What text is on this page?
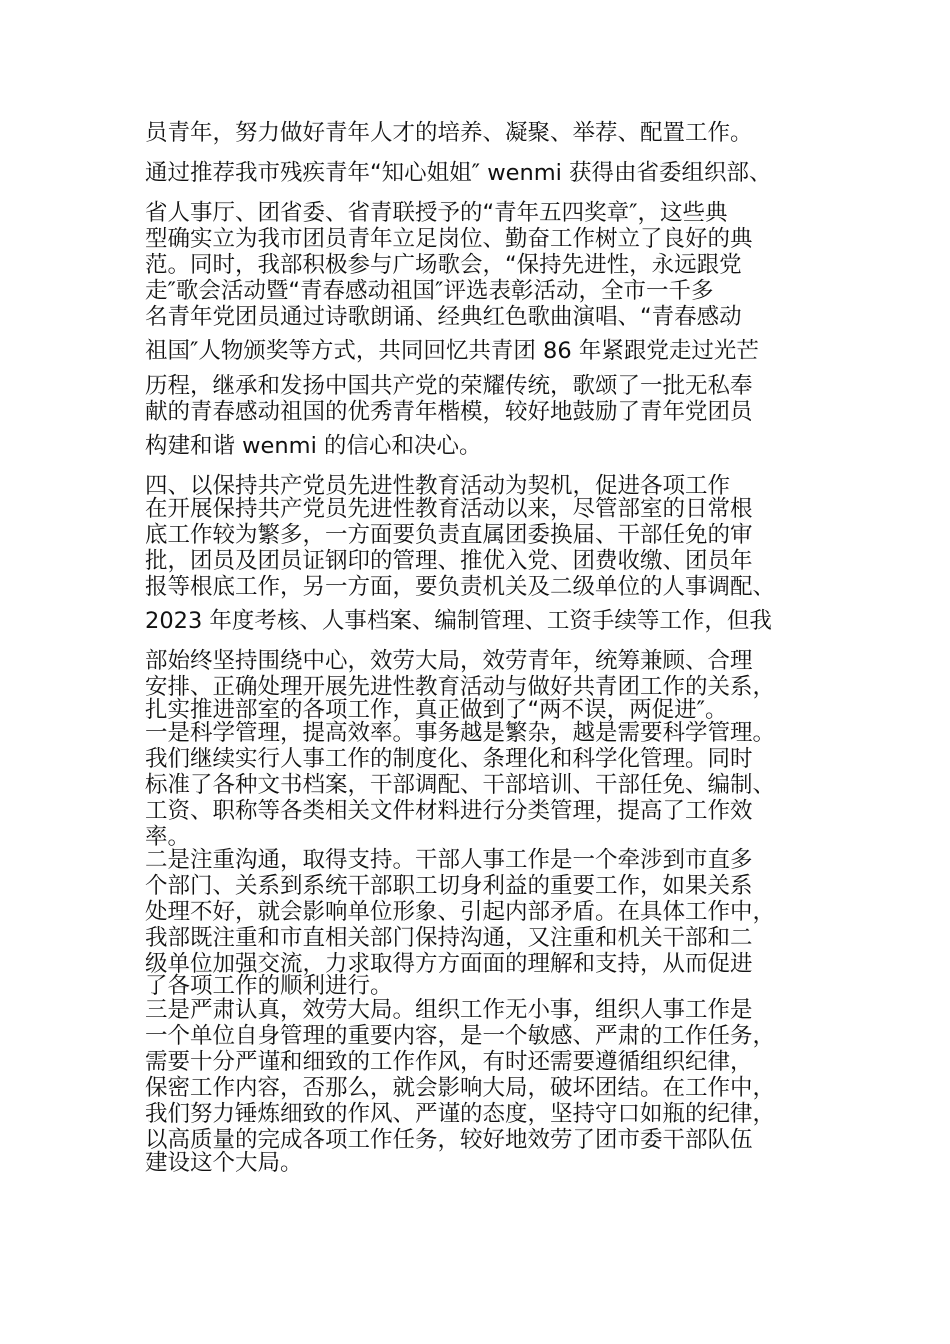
员青年，努力做好青年人才的培养、凝聚、举荐、配置工作。
通过推荐我市残疾青年“知心姐姐″ wenmi 获得由省委组织部、
省人事厅、团省委、省青联授予的“青年五四奖章″，这些典
型确实立为我市团员青年立足岗位、勤奋工作树立了良好的典
范。同时，我部积极参与广场歌会，“保持先进性，永远跟党
走″歌会活动暨“青春感动祖国″评选表彰活动，全市一千多
名青年党团员通过诗歌朗诵、经典红色歌曲演唱、“青春感动
祖国″人物颁奖等方式，共同回忆共青团 86 年紧跟党走过光芒
历程，继承和发扬中国共产党的荣耀传统，歌颂了一批无私奉
献的青春感动祖国的优秀青年楷模，较好地鼓励了青年党团员
构建和谐 wenmi 的信心和决心。
四、以保持共产党员先进性教育活动为契机，促进各项工作
在开展保持共产党员先进性教育活动以来，尽管部室的日常根
底工作较为繁多，一方面要负责直属团委换届、干部任免的审
批，团员及团员证钢印的管理、推优入党、团费收缴、团员年
报等根底工作，另一方面，要负责机关及二级单位的人事调配、
2023 年度考核、人事档案、编制管理、工资手续等工作，但我
部始终坚持围绕中心，效劳大局，效劳青年，统筹兼顾、合理
安排、正确处理开展先进性教育活动与做好共青团工作的关系，
扎实推进部室的各项工作，真正做到了“两不误，两促进″。
一是科学管理，提高效率。事务越是繁杂，越是需要科学管理。
我们继续实行人事工作的制度化、条理化和科学化管理。同时
标准了各种文书档案，干部调配、干部培训、干部任免、编制、
工资、职称等各类相关文件材料进行分类管理，提高了工作效
率。
二是注重沟通，取得支持。干部人事工作是一个牵涉到市直多
个部门、关系到系统干部职工切身利益的重要工作，如果关系
处理不好，就会影响单位形象、引起内部矛盾。在具体工作中，
我部既注重和市直相关部门保持沟通，又注重和机关干部和二
级单位加强交流，力求取得方方面面的理解和支持，从而促进
了各项工作的顺利进行。
三是严肃认真，效劳大局。组织工作无小事，组织人事工作是
一个单位自身管理的重要内容，是一个敏感、严肃的工作任务，
需要十分严谨和细致的工作作风，有时还需要遵循组织纪律，
保密工作内容，否那么，就会影响大局，破坏团结。在工作中，
我们努力锤炼细致的作风、严谨的态度，坚持守口如瓶的纪律，
以高质量的完成各项工作任务，较好地效劳了团市委干部队伍
建设这个大局。
